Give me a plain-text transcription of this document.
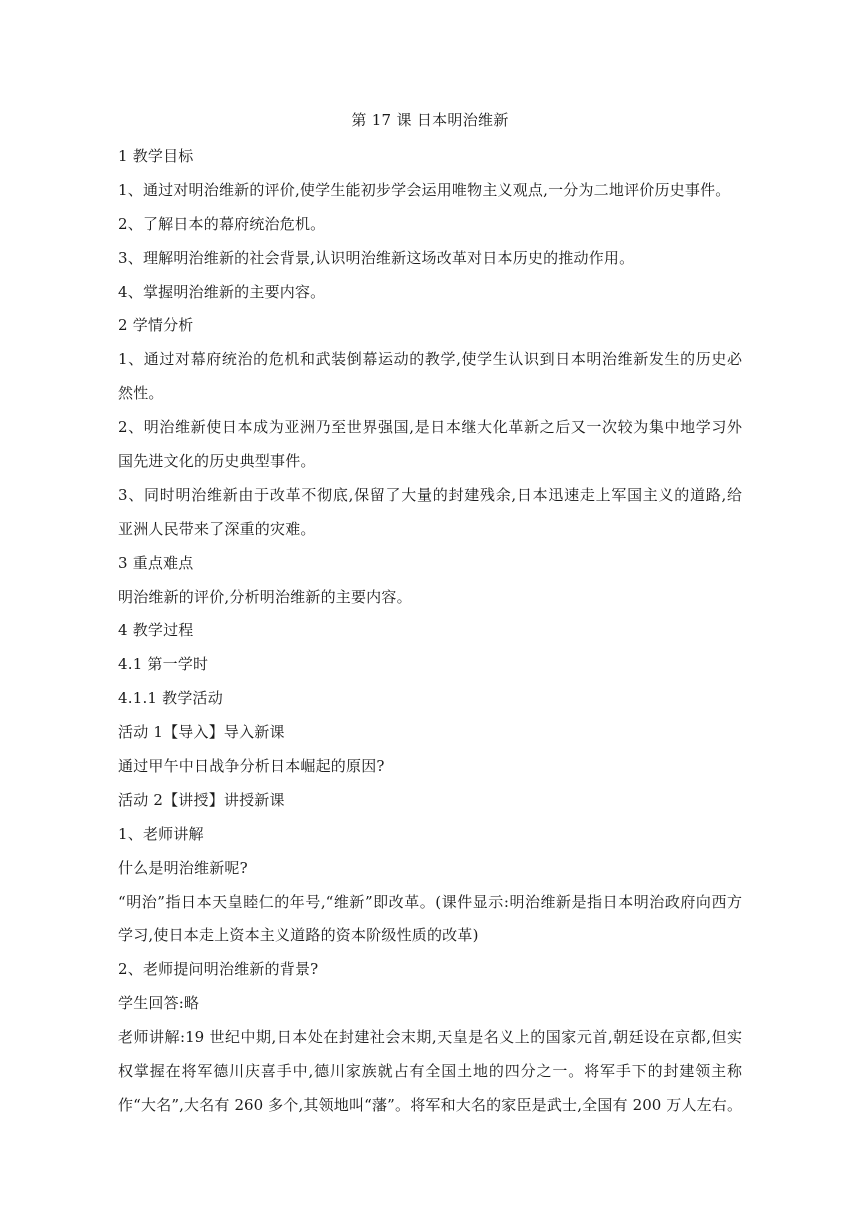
第 17 课 日本明治维新
1 教学目标
1、通过对明治维新的评价,使学生能初步学会运用唯物主义观点,一分为二地评价历史事件。
2、了解日本的幕府统治危机。
3、理解明治维新的社会背景,认识明治维新这场改革对日本历史的推动作用。
4、掌握明治维新的主要内容。
2 学情分析
1、通过对幕府统治的危机和武装倒幕运动的教学,使学生认识到日本明治维新发生的历史必
然性。
2、明治维新使日本成为亚洲乃至世界强国,是日本继大化革新之后又一次较为集中地学习外
国先进文化的历史典型事件。
3、同时明治维新由于改革不彻底,保留了大量的封建残余,日本迅速走上军国主义的道路,给
亚洲人民带来了深重的灾难。
3 重点难点
明治维新的评价,分析明治维新的主要内容。
4 教学过程
4.1 第一学时
4.1.1 教学活动
活动 1【导入】导入新课
通过甲午中日战争分析日本崛起的原因?
活动 2【讲授】讲授新课
1、老师讲解
什么是明治维新呢?
“明治”指日本天皇睦仁的年号,“维新”即改革。(课件显示:明治维新是指日本明治政府向西方
学习,使日本走上资本主义道路的资本阶级性质的改革)
2、老师提问明治维新的背景?
学生回答:略
老师讲解:19 世纪中期,日本处在封建社会末期,天皇是名义上的国家元首,朝廷设在京都,但实
权掌握在将军德川庆喜手中,德川家族就占有全国土地的四分之一。将军手下的封建领主称
作“大名”,大名有 260 多个,其领地叫“藩”。将军和大名的家臣是武士,全国有 200 万人左右。
